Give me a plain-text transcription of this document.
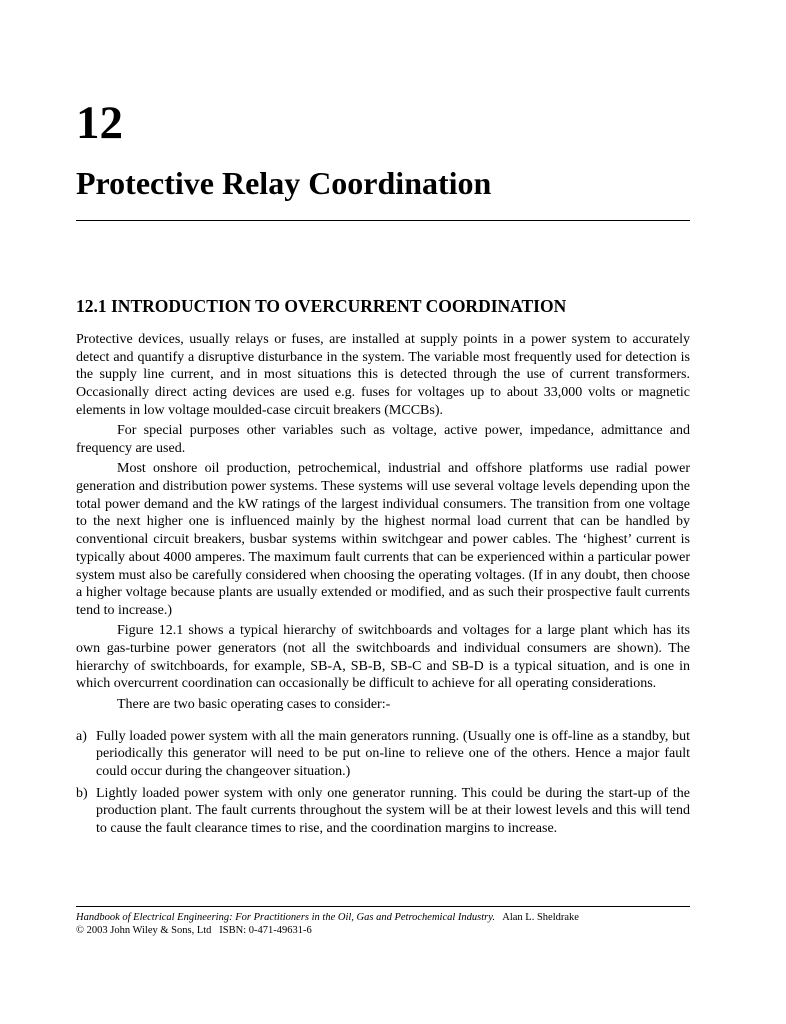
12
Protective Relay Coordination
12.1 INTRODUCTION TO OVERCURRENT COORDINATION

Protective devices, usually relays or fuses, are installed at supply points in a power system to accurately detect and quantify a disruptive disturbance in the system. The variable most frequently used for detection is the supply line current, and in most situations this is detected through the use of current transformers. Occasionally direct acting devices are used e.g. fuses for voltages up to about 33,000 volts or magnetic elements in low voltage moulded-case circuit breakers (MCCBs).

For special purposes other variables such as voltage, active power, impedance, admittance and frequency are used.

Most onshore oil production, petrochemical, industrial and offshore platforms use radial power generation and distribution power systems. These systems will use several voltage levels depending upon the total power demand and the kW ratings of the largest individual consumers. The transition from one voltage to the next higher one is influenced mainly by the highest normal load current that can be handled by conventional circuit breakers, busbar systems within switchgear and power cables. The ‘highest’ current is typically about 4000 amperes. The maximum fault currents that can be experienced within a particular power system must also be carefully considered when choosing the operating voltages. (If in any doubt, then choose a higher voltage because plants are usually extended or modified, and as such their prospective fault currents tend to increase.)

Figure 12.1 shows a typical hierarchy of switchboards and voltages for a large plant which has its own gas-turbine power generators (not all the switchboards and individual consumers are shown). The hierarchy of switchboards, for example, SB-A, SB-B, SB-C and SB-D is a typical situation, and is one in which overcurrent coordination can occasionally be difficult to achieve for all operating considerations.

There are two basic operating cases to consider:-

a) Fully loaded power system with all the main generators running. (Usually one is off-line as a standby, but periodically this generator will need to be put on-line to relieve one of the others. Hence a major fault could occur during the changeover situation.)
b) Lightly loaded power system with only one generator running. This could be during the start-up of the production plant. The fault currents throughout the system will be at their lowest levels and this will tend to cause the fault clearance times to rise, and the coordination margins to increase.
Handbook of Electrical Engineering: For Practitioners in the Oil, Gas and Petrochemical Industry. Alan L. Sheldrake
© 2003 John Wiley & Sons, Ltd ISBN: 0-471-49631-6
